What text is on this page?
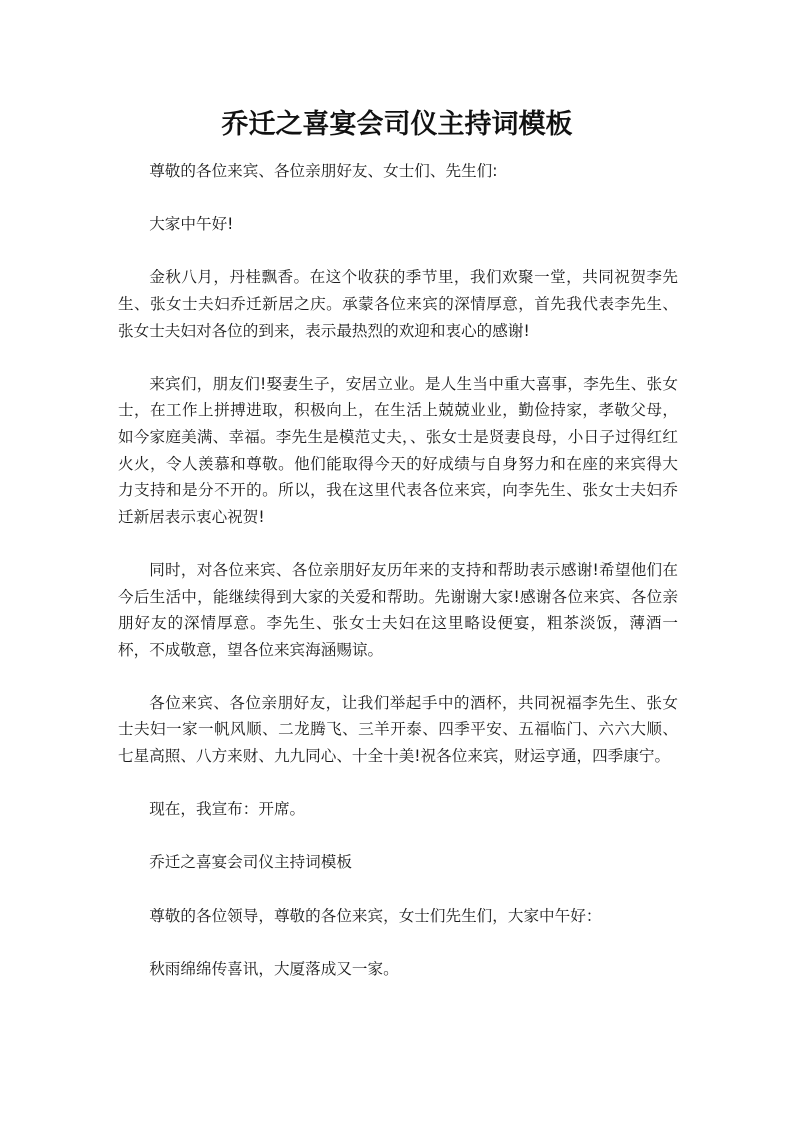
乔迁之喜宴会司仪主持词模板

尊敬的各位来宾、各位亲朋好友、女士们、先生们:

大家中午好!

金秋八月，丹桂飘香。在这个收获的季节里，我们欢聚一堂，共同祝贺李先生、张女士夫妇乔迁新居之庆。承蒙各位来宾的深情厚意，首先我代表李先生、张女士夫妇对各位的到来，表示最热烈的欢迎和衷心的感谢!

来宾们，朋友们!娶妻生子，安居立业。是人生当中重大喜事，李先生、张女士，在工作上拼搏进取，积极向上，在生活上兢兢业业，勤俭持家，孝敬父母，如今家庭美满、幸福。李先生是模范丈夫，、张女士是贤妻良母，小日子过得红红火火，令人羡慕和尊敬。他们能取得今天的好成绩与自身努力和在座的来宾得大力支持和是分不开的。所以，我在这里代表各位来宾，向李先生、张女士夫妇乔迁新居表示衷心祝贺!

同时，对各位来宾、各位亲朋好友历年来的支持和帮助表示感谢!希望他们在今后生活中，能继续得到大家的关爱和帮助。先谢谢大家!感谢各位来宾、各位亲朋好友的深情厚意。李先生、张女士夫妇在这里略设便宴，粗茶淡饭，薄酒一杯，不成敬意，望各位来宾海涵赐谅。

各位来宾、各位亲朋好友，让我们举起手中的酒杯，共同祝福李先生、张女士夫妇一家一帆风顺、二龙腾飞、三羊开泰、四季平安、五福临门、六六大顺、七星高照、八方来财、九九同心、十全十美!祝各位来宾，财运亨通，四季康宁。

现在，我宣布：开席。

乔迁之喜宴会司仪主持词模板

尊敬的各位领导，尊敬的各位来宾，女士们先生们，大家中午好：

秋雨绵绵传喜讯，大厦落成又一家。
